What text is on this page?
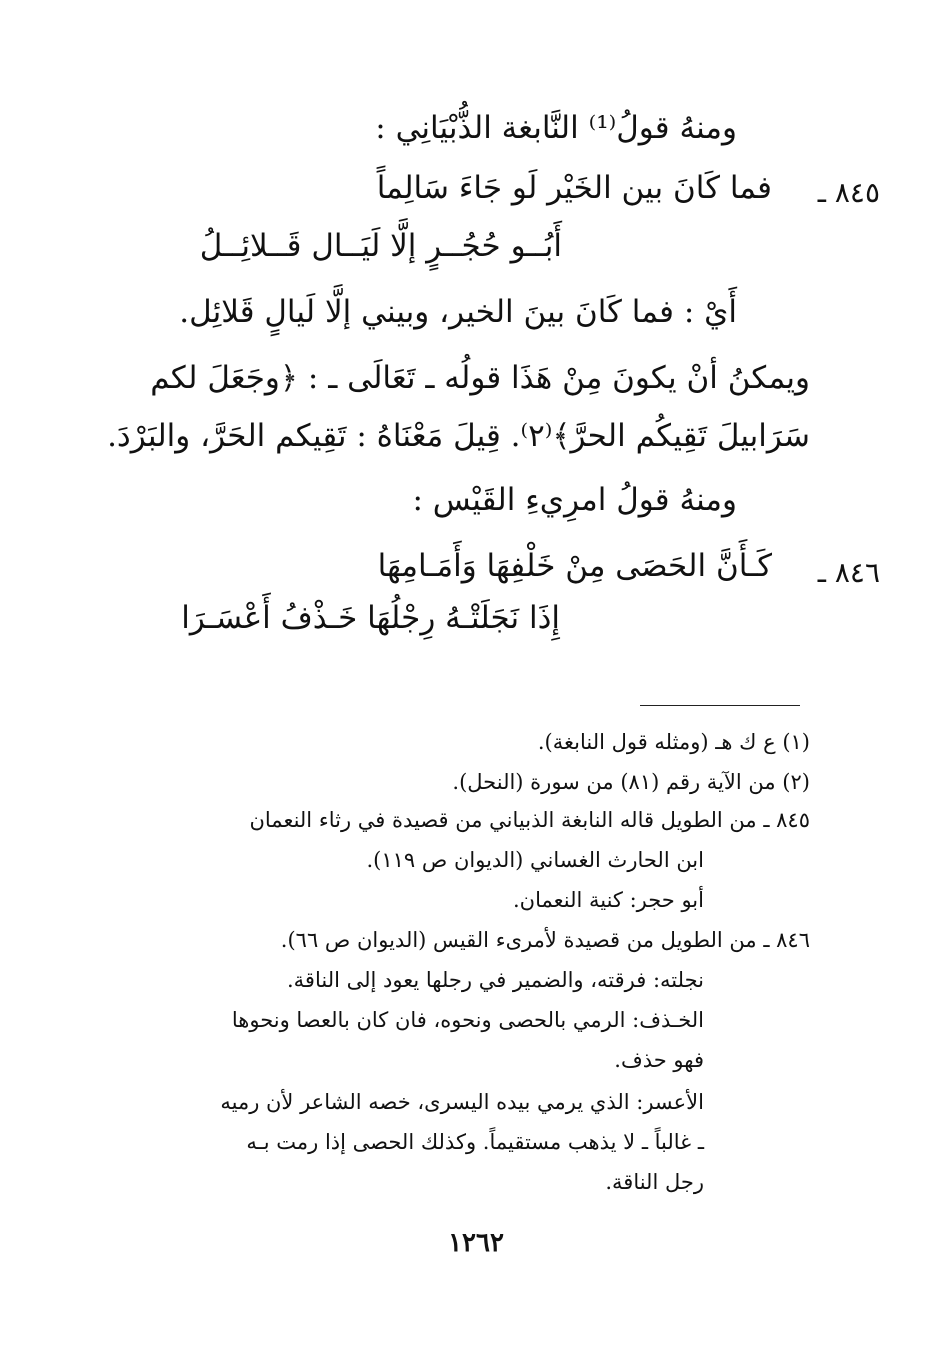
ومنهُ قولُ⁽¹⁾ النَّابغة الذُّبْيَانِي :
٨٤٥ ـ
فما كَانَ بين الخَيْر لَو جَاءَ سَالِماً
أَبُــو حُجُــرٍ إلَّا لَيَــال قَــلائِــلُ
أَيْ : فما كَانَ بينَ الخير، وبيني إلَّا لَيالٍ قَلائِل.
ويمكنُ أنْ يكونَ مِنْ هَذَا قولُه ـ تَعَالَى ـ : ﴿وجَعَلَ لكم
سَرَابيلَ تَقِيكُم الحرَّ﴾⁽٢⁾. قِيلَ مَعْنَاهُ : تَقِيكم الحَرَّ، والبَرْدَ.
ومنهُ قولُ امرِيءِ القَيْس :
٨٤٦ ـ
كَـأَنَّ الحَصَى مِنْ خَلْفِهَا وَأَمَـامِهَا
إِذَا نَجَلَتْـهُ رِجْلُهَا خَـذْفُ أَعْسَـرَا
(١) ع ك هـ (ومثله قول النابغة).
(٢) من الآية رقم (٨١) من سورة (النحل).
٨٤٥ ـ من الطويل قاله النابغة الذبياني من قصيدة في رثاء النعمان
ابن الحارث الغساني (الديوان ص ١١٩).
أبو حجر: كنية النعمان.
٨٤٦ ـ من الطويل من قصيدة لأمرىء القيس (الديوان ص ٦٦).
نجلته: فرقته، والضمير في رجلها يعود إلى الناقة.
الخـذف: الرمي بالحصى ونحوه، فان كان بالعصا ونحوها
فهو حذف.
الأعسر: الذي يرمي بيده اليسرى، خصه الشاعر لأن رميه
ـ غالباً ـ لا يذهب مستقيماً. وكذلك الحصى إذا رمت بـه
رجل الناقة.
١٢٦٢
